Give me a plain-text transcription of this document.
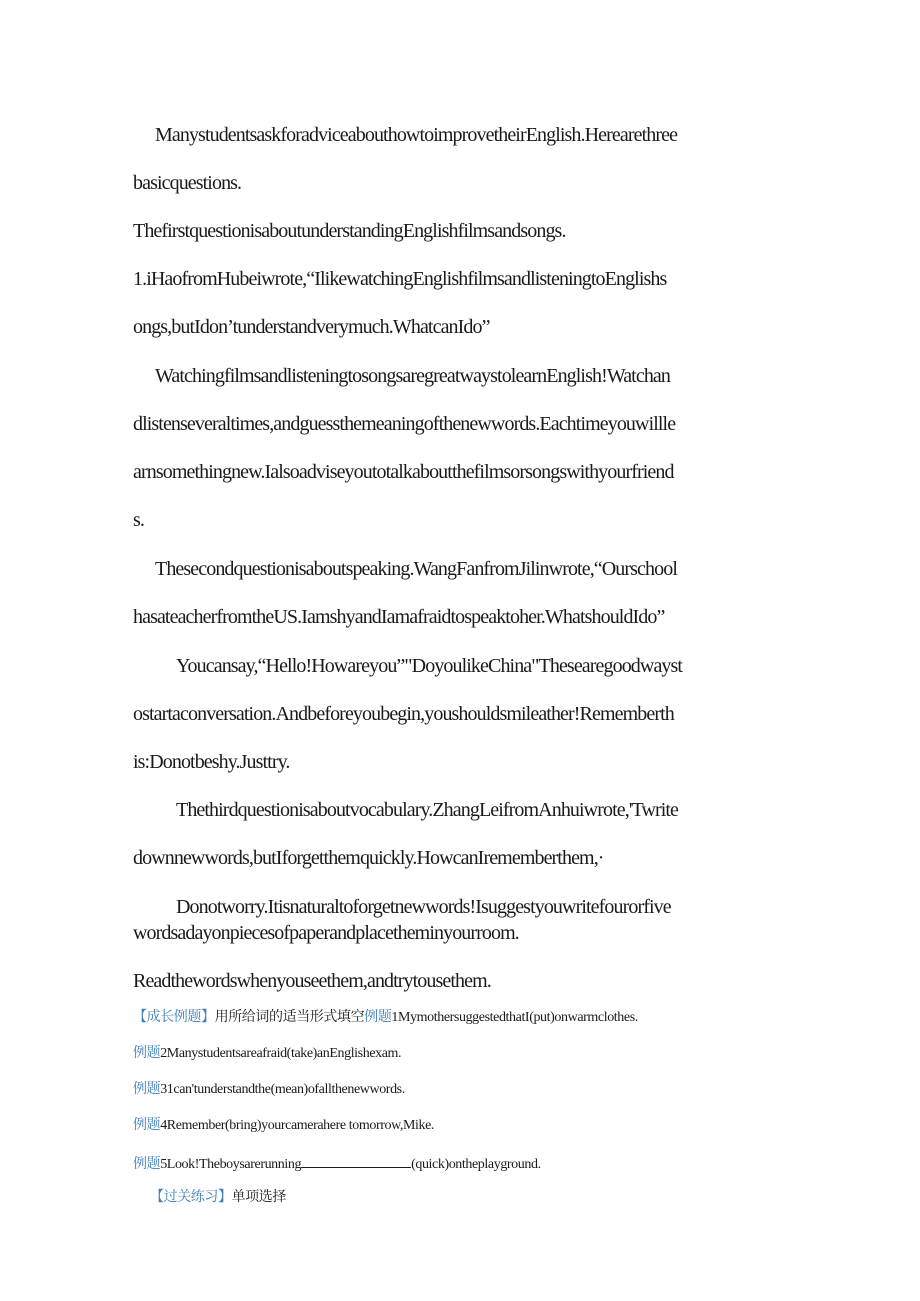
ManystudentsaskforadviceabouthowtoimprovetheirEnglish.Herearethree
basicquestions.
ThefirstquestionisaboutunderstandingEnglishfilmsandsongs.
1.iHaofromHubeiwrote,“IlikewatchingEnglishfilmsandlisteningtoEnglishs
ongs,butIdon’tunderstandverymuch.WhatcanIdo”
WatchingfilmsandlisteningtosongsaregreatwaystolearnEnglish!Watchan
dlistenseveraltimes,andguessthemeaningofthenewwords.Eachtimeyouwillle
arnsomethingnew.Ialsoadviseyoutotalkaboutthefilmsorsongswithyourfriend
s.
Thesecondquestionisaboutspeaking.WangFanfromJilinwrote,“Ourschool
hasateacherfromtheUS.IamshyandIamafraidtospeaktoher.WhatshouldIdo”
Youcansay,“Hello!Howareyou”"DoyoulikeChina"Thesearegoodwayst
ostartaconversation.Andbeforeyoubegin,youshouldsmileather!Rememberth
is:Donotbeshy.Justtry.
Thethirdquestionisaboutvocabulary.ZhangLeifromAnhuiwrote,'Twrite
downnewwords,butIforgetthemquickly.HowcanIrememberthem,·
Donotworry.Itisnaturaltoforgetnewwords!Isuggestyouwritefourorfive
wordsadayonpiecesofpaperandplacetheminyourroom.
Readthewordswhenyouseethem,andtrytousethem.
【成长例题】用所给词的适当形式填空例题1MymothersuggestedthatI(put)onwarmclothes.
例题2Manystudentsareafraid(take)anEnglishexam.
例题31can'tunderstandthe(mean)ofallthenewwords.
例题4Remember(bring)yourcamerahere tomorrow,Mike.
例题5Look!Theboysarerunning	(quick)ontheplayground.
【过关练习】单项选择
